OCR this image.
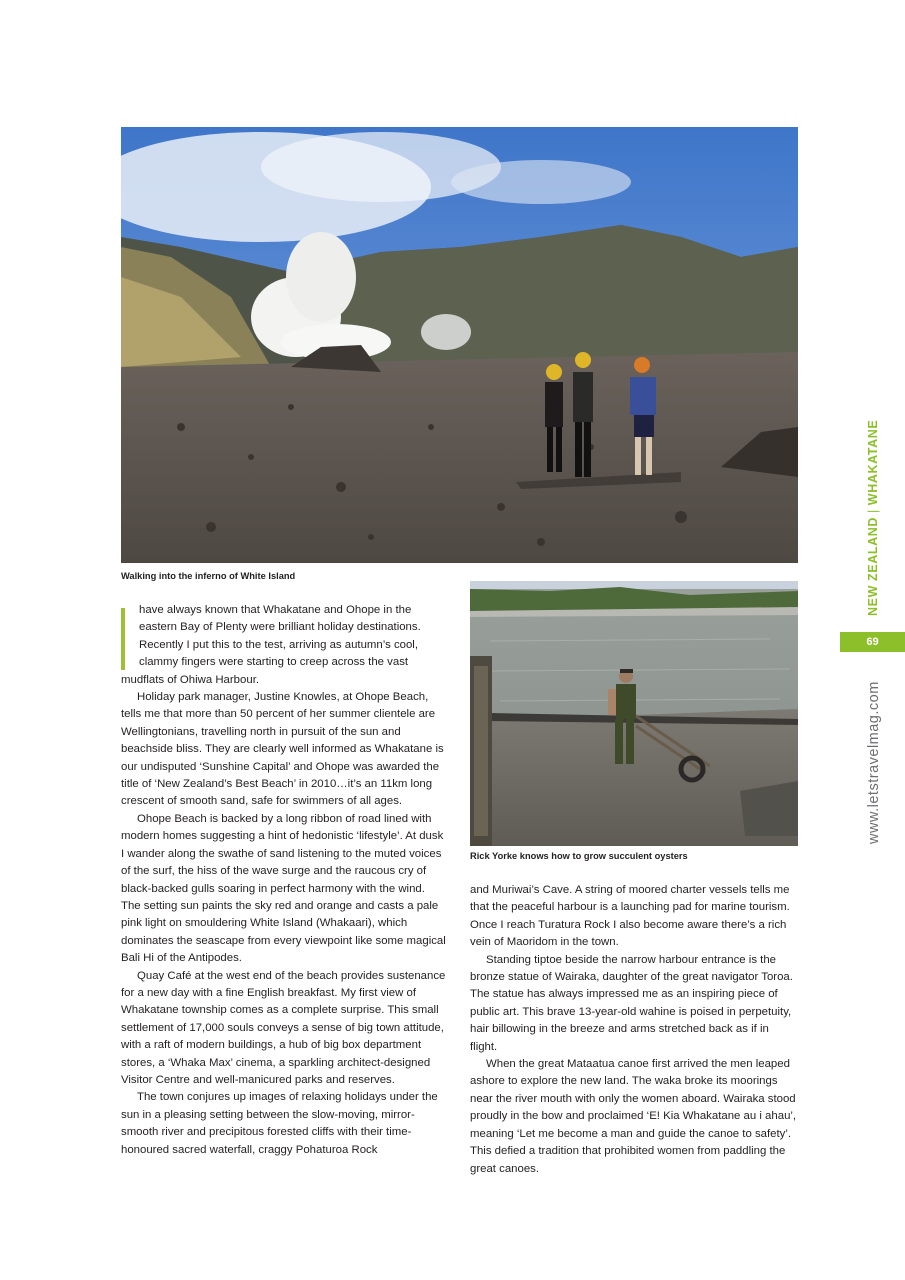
Walking into the inferno of White Island
Rick Yorke knows how to grow succulent oysters

have always known that Whakatane and Ohope in the eastern Bay of Plenty were brilliant holiday destinations. Recently I put this to the test, arriving as autumn’s cool, clammy fingers were starting to creep across the vast mudflats of Ohiwa Harbour.

Holiday park manager, Justine Knowles, at Ohope Beach, tells me that more than 50 percent of her summer clientele are Wellingtonians, travelling north in pursuit of the sun and beachside bliss. They are clearly well informed as Whakatane is our undisputed ‘Sunshine Capital’ and Ohope was awarded the title of ‘New Zealand’s Best Beach’ in 2010…it’s an 11km long crescent of smooth sand, safe for swimmers of all ages.

Ohope Beach is backed by a long ribbon of road lined with modern homes suggesting a hint of hedonistic ‘lifestyle’. At dusk I wander along the swathe of sand listening to the muted voices of the surf, the hiss of the wave surge and the raucous cry of black-backed gulls soaring in perfect harmony with the wind. The setting sun paints the sky red and orange and casts a pale pink light on smouldering White Island (Whakaari), which dominates the seascape from every viewpoint like some magical Bali Hi of the Antipodes.

Quay Café at the west end of the beach provides sustenance for a new day with a fine English breakfast. My first view of Whakatane township comes as a complete surprise. This small settlement of 17,000 souls conveys a sense of big town attitude, with a raft of modern buildings, a hub of big box department stores, a ‘Whaka Max’ cinema, a sparkling architect-designed Visitor Centre and well-manicured parks and reserves.

The town conjures up images of relaxing holidays under the sun in a pleasing setting between the slow-moving, mirror-smooth river and precipitous forested cliffs with their time-honoured sacred waterfall, craggy Pohaturoa Rock

and Muriwai’s Cave. A string of moored charter vessels tells me that the peaceful harbour is a launching pad for marine tourism. Once I reach Turatura Rock I also become aware there’s a rich vein of Maoridom in the town.

Standing tiptoe beside the narrow harbour entrance is the bronze statue of Wairaka, daughter of the great navigator Toroa. The statue has always impressed me as an inspiring piece of public art. This brave 13-year-old wahine is poised in perpetuity, hair billowing in the breeze and arms stretched back as if in flight.

When the great Mataatua canoe first arrived the men leaped ashore to explore the new land. The waka broke its moorings near the river mouth with only the women aboard. Wairaka stood proudly in the bow and proclaimed ‘E! Kia Whakatane au i ahau’, meaning ‘Let me become a man and guide the canoe to safety’. This defied a tradition that prohibited women from paddling the great canoes.

NEW ZEALAND|WHAKATANE
69
www.letstravelmag.com
